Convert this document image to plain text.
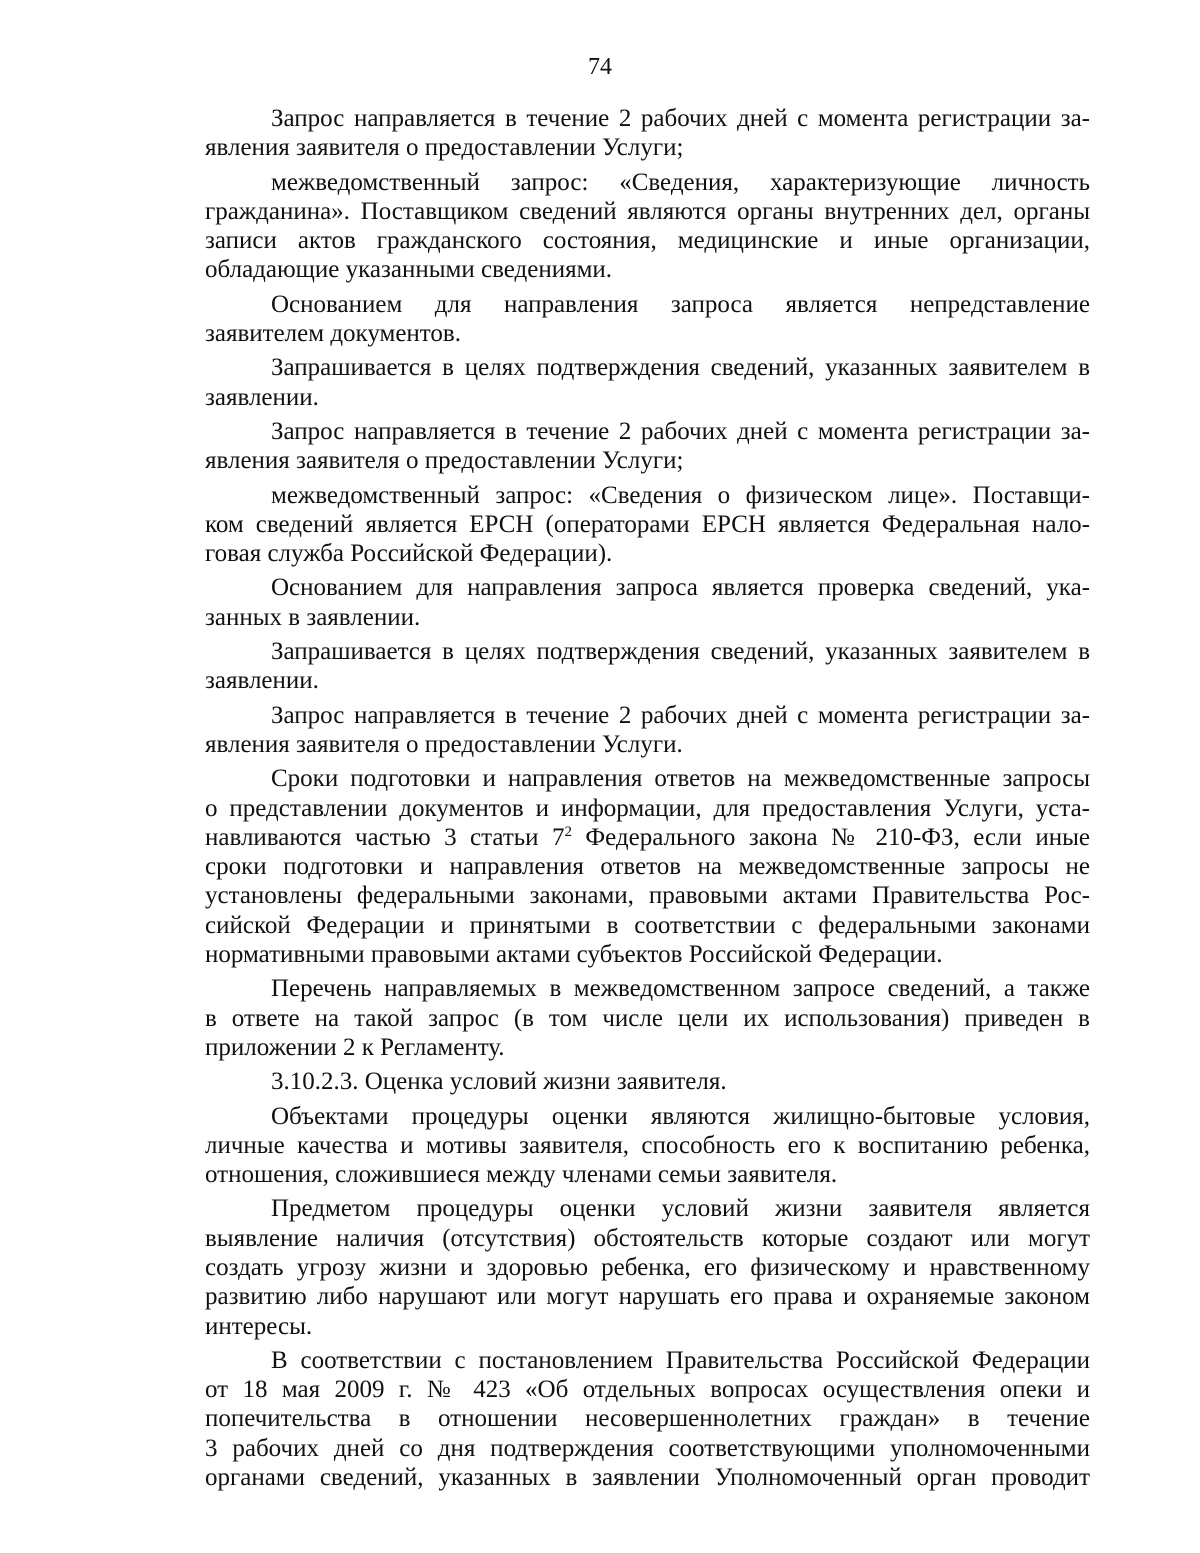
74

Запрос направляется в течение 2 рабочих дней с момента регистрации за-
явления заявителя о предоставлении Услуги;

межведомственный запрос: «Сведения, характеризующие личность
гражданина». Поставщиком сведений являются органы внутренних дел, органы
записи актов гражданского состояния, медицинские и иные организации,
обладающие указанными сведениями.

Основанием для направления запроса является непредставление
заявителем документов.

Запрашивается в целях подтверждения сведений, указанных заявителем в
заявлении.

Запрос направляется в течение 2 рабочих дней с момента регистрации за-
явления заявителя о предоставлении Услуги;

межведомственный запрос: «Сведения о физическом лице». Поставщи-
ком сведений является ЕРСН (операторами ЕРСН является Федеральная нало-
говая служба Российской Федерации).

Основанием для направления запроса является проверка сведений, ука-
занных в заявлении.

Запрашивается в целях подтверждения сведений, указанных заявителем в
заявлении.

Запрос направляется в течение 2 рабочих дней с момента регистрации за-
явления заявителя о предоставлении Услуги.

Сроки подготовки и направления ответов на межведомственные запросы
о представлении документов и информации, для предоставления Услуги, уста-
навливаются частью 3 статьи $7^2$ Федерального закона № 210-ФЗ, если иные
сроки подготовки и направления ответов на межведомственные запросы не
установлены федеральными законами, правовыми актами Правительства Рос-
сийской Федерации и принятыми в соответствии с федеральными законами
нормативными правовыми актами субъектов Российской Федерации.

Перечень направляемых в межведомственном запросе сведений, а также
в ответе на такой запрос (в том числе цели их использования) приведен в
приложении 2 к Регламенту.

3.10.2.3. Оценка условий жизни заявителя.

Объектами процедуры оценки являются жилищно-бытовые условия,
личные качества и мотивы заявителя, способность его к воспитанию ребенка,
отношения, сложившиеся между членами семьи заявителя.

Предметом процедуры оценки условий жизни заявителя является
выявление наличия (отсутствия) обстоятельств которые создают или могут
создать угрозу жизни и здоровью ребенка, его физическому и нравственному
развитию либо нарушают или могут нарушать его права и охраняемые законом
интересы.

В соответствии с постановлением Правительства Российской Федерации
от 18 мая 2009 г. № 423 «Об отдельных вопросах осуществления опеки и
попечительства в отношении несовершеннолетних граждан» в течение
3 рабочих дней со дня подтверждения соответствующими уполномоченными
органами сведений, указанных в заявлении Уполномоченный орган проводит
